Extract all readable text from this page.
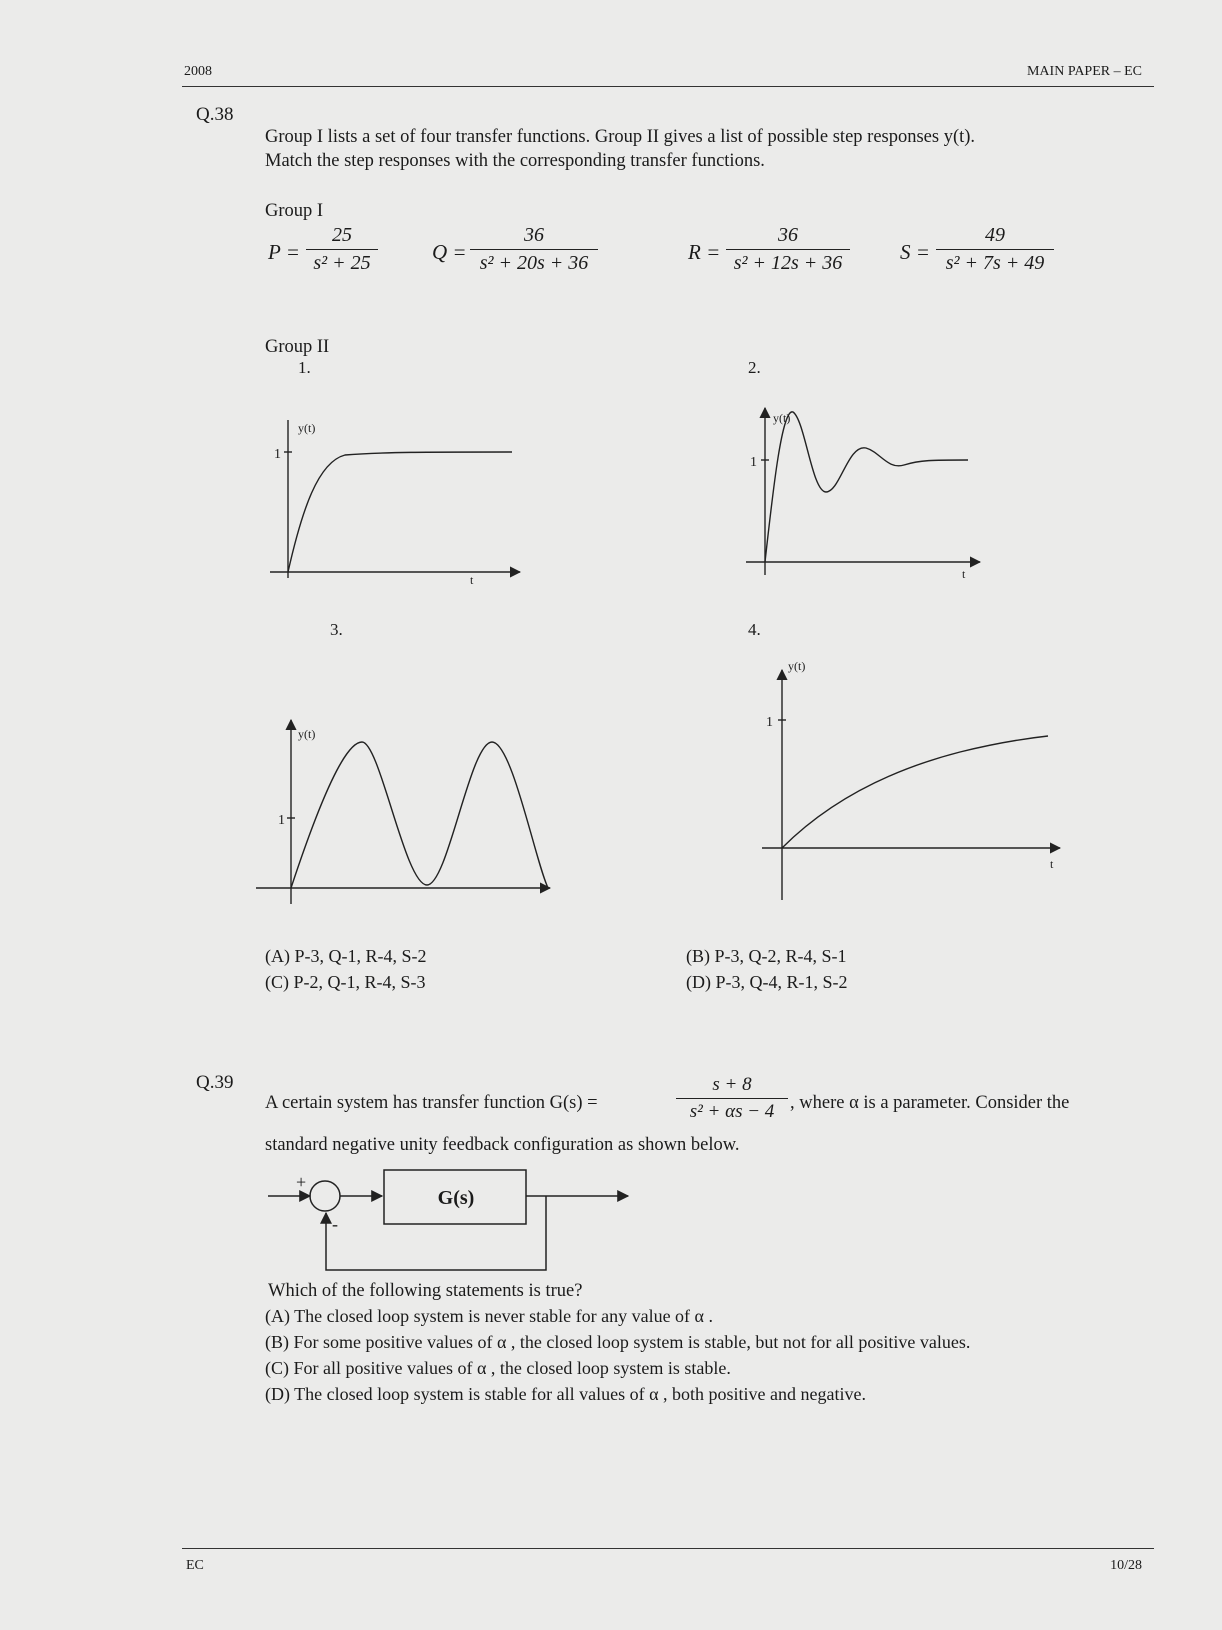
2008	MAIN PAPER – EC
Q.38
Group I lists a set of four transfer functions. Group II gives a list of possible step responses y(t).
Match the step responses with the corresponding transfer functions.
Group I
P =
25
s² + 25	Q =
36
s² + 20s + 36	R =
36
s² + 12s + 36	S =
49
s² + 7s + 49
Group II
1.	2.
3.	4.
y(t)
1
t
y(t)
1
t
y(t)
1
y(t)
1
t
(A) P-3, Q-1, R-4, S-2	(B) P-3, Q-2, R-4, S-1
(C) P-2, Q-1, R-4, S-3	(D) P-3, Q-4, R-1, S-2
Q.39
A certain system has transfer function G(s) =
s + 8
s² + αs − 4 , where α is a parameter. Consider the
standard negative unity feedback configuration as shown below.
G(s)
+
-
Which of the following statements is true?
(A) The closed loop system is never stable for any value of α .
(B) For some positive values of α , the closed loop system is stable, but not for all positive values.
(C) For all positive values of α , the closed loop system is stable.
(D) The closed loop system is stable for all values of α , both positive and negative.
EC	10/28
